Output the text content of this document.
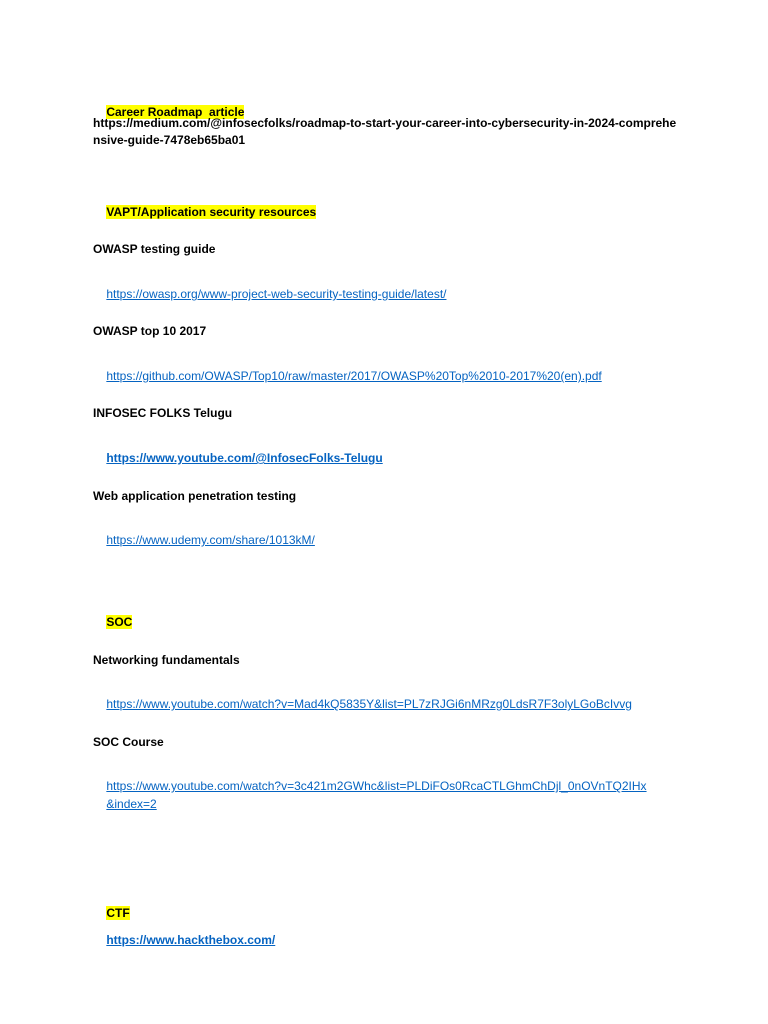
Career Roadmap  article

https://medium.com/@infosecfolks/roadmap-to-start-your-career-into-cybersecurity-in-2024-comprehensive-guide-7478eb65ba01

VAPT/Application security resources

OWASP testing guide

https://owasp.org/www-project-web-security-testing-guide/latest/

OWASP top 10 2017

https://github.com/OWASP/Top10/raw/master/2017/OWASP%20Top%2010-2017%20(en).pdf

INFOSEC FOLKS Telugu

https://www.youtube.com/@InfosecFolks-Telugu

Web application penetration testing

https://www.udemy.com/share/1013kM/

SOC

Networking fundamentals

https://www.youtube.com/watch?v=Mad4kQ5835Y&list=PL7zRJGi6nMRzg0LdsR7F3olyLGoBcIvvg

SOC Course

https://www.youtube.com/watch?v=3c421m2GWhc&list=PLDiFOs0RcaCTLGhmChDjl_0nOVnTQ2IHx

&index=2

CTF

https://www.hackthebox.com/
